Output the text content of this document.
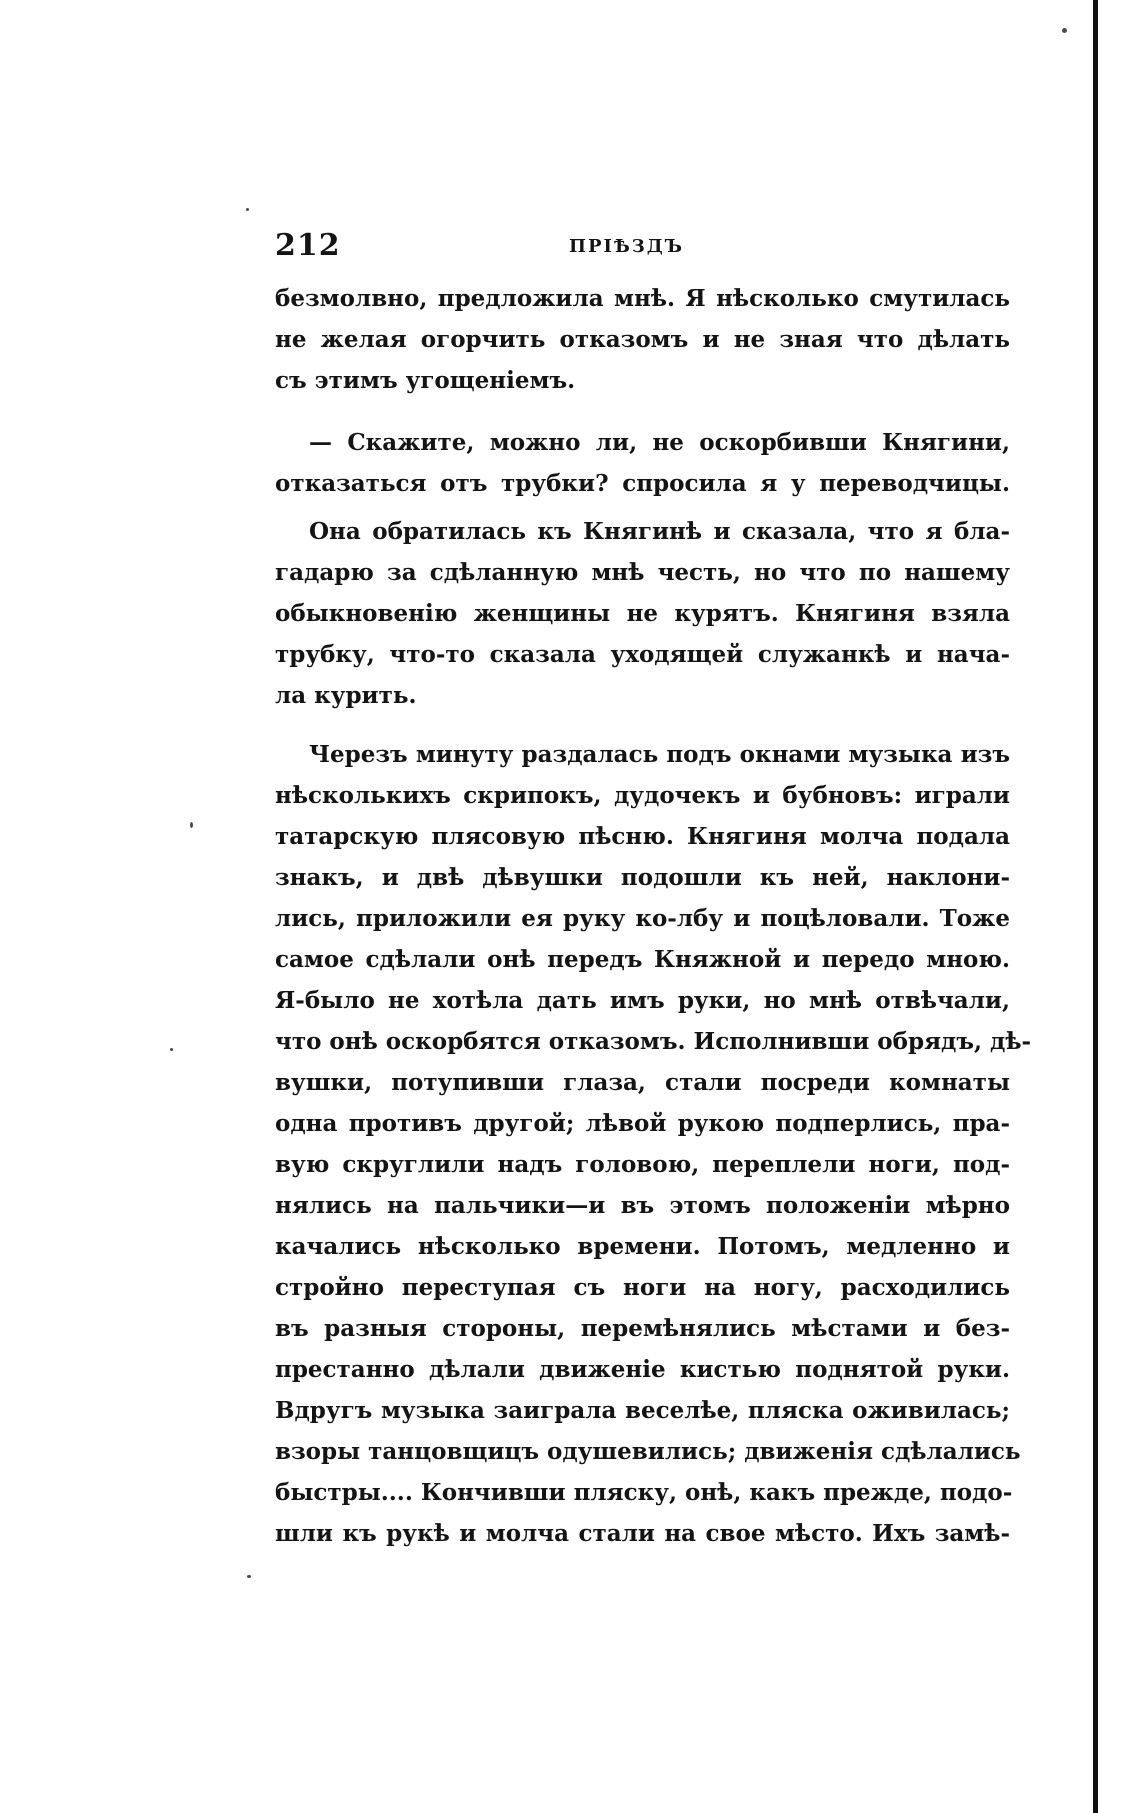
212	ПРІѢЗДЪ
безмолвно, предложила мнѣ. Я нѣсколько смутилась
не желая огорчить отказомъ и не зная что дѣлать
съ этимъ угощенiемъ.
— Скажите, можно ли, не оскорбивши Княгини,
отказаться отъ трубки? спросила я у переводчицы.
Она обратилась къ Княгинѣ и сказала, что я бла-
гадарю за сдѣланную мнѣ честь, но что по нашему
обыкновенiю женщины не курятъ. Княгиня взяла
трубку, что-то сказала уходящей служанкѣ и нача-
ла курить.
Черезъ минуту раздалась подъ окнами музыка изъ
нѣсколькихъ скрипокъ, дудочекъ и бубновъ: играли
татарскую плясовую пѣсню. Княгиня молча подала
знакъ, и двѣ дѣвушки подошли къ ней, наклони-
лись, приложили ея руку ко-лбу и поцѣловали. Тоже
самое сдѣлали онѣ передъ Княжной и передо мною.
Я-было не хотѣла дать имъ руки, но мнѣ отвѣчали,
что онѣ оскорбятся отказомъ. Исполнивши обрядъ, дѣ-
вушки, потупивши глаза, стали посреди комнаты
одна противъ другой; лѣвой рукою подперлись, пра-
вую скруглили надъ головою, переплели ноги, под-
нялись на пальчики—и въ этомъ положенiи мѣрно
качались нѣсколько времени. Потомъ, медленно и
стройно переступая съ ноги на ногу, расходились
въ разныя стороны, перемѣнялись мѣстами и без-
престанно дѣлали движенiе кистью поднятой руки.
Вдругъ музыка заиграла веселѣе, пляска оживилась;
взоры танцовщицъ одушевились; движенiя сдѣлались
быстры.... Кончивши пляску, онѣ, какъ прежде, подо-
шли къ рукѣ и молча стали на свое мѣсто. Ихъ замѣ-
